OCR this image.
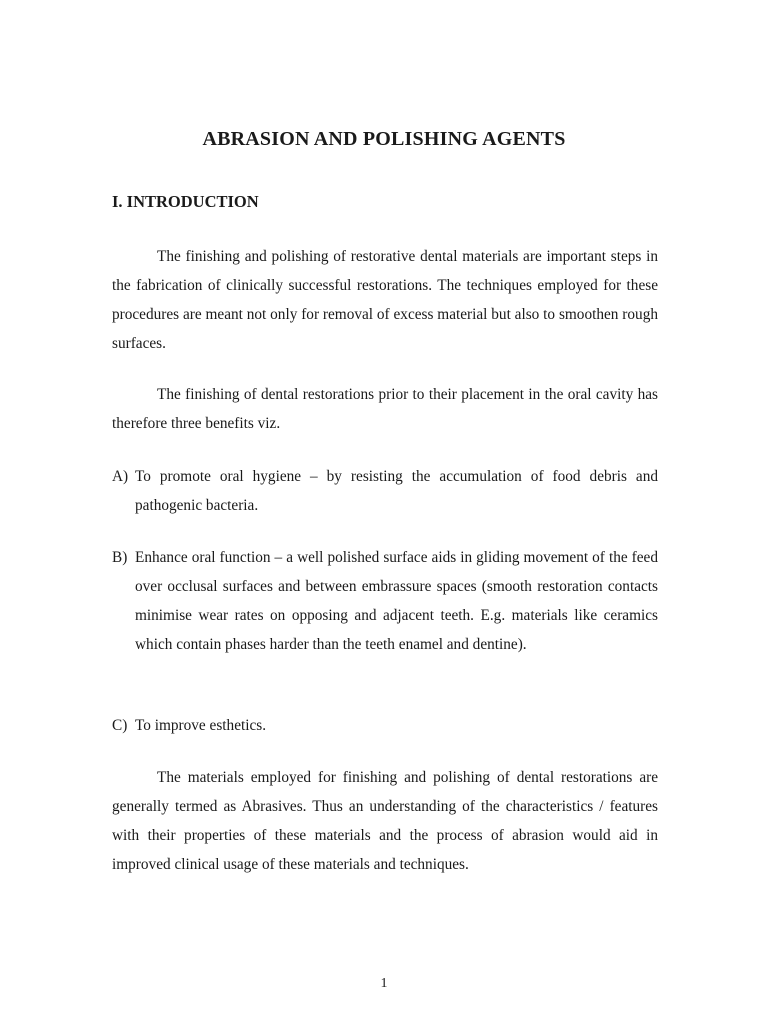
ABRASION AND POLISHING AGENTS
I. INTRODUCTION

The finishing and polishing of restorative dental materials are important steps in the fabrication of clinically successful restorations. The techniques employed for these procedures are meant not only for removal of excess material but also to smoothen rough surfaces.

The finishing of dental restorations prior to their placement in the oral cavity has therefore three benefits viz.

A) To promote oral hygiene – by resisting the accumulation of food debris and pathogenic bacteria.
B) Enhance oral function – a well polished surface aids in gliding movement of the feed over occlusal surfaces and between embrassure spaces (smooth restoration contacts minimise wear rates on opposing and adjacent teeth. E.g. materials like ceramics which contain phases harder than the teeth enamel and dentine).
C) To improve esthetics.

The materials employed for finishing and polishing of dental restorations are generally termed as Abrasives. Thus an understanding of the characteristics / features with their properties of these materials and the process of abrasion would aid in improved clinical usage of these materials and techniques.

1
